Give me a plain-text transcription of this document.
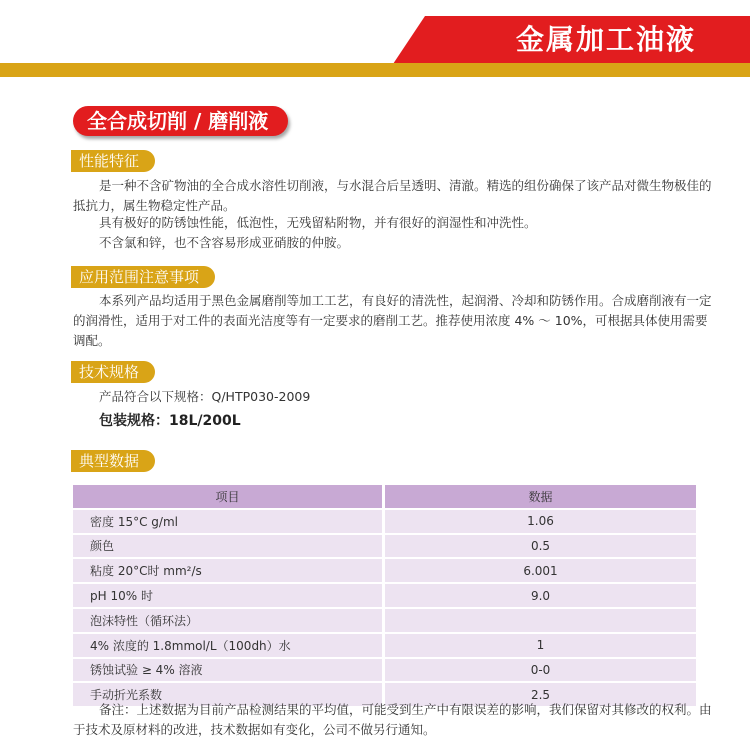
金属加工油液
全合成切削 / 磨削液
性能特征
是一种不含矿物油的全合成水溶性切削液，与水混合后呈透明、清澈。精选的组份确保了该产品对微生物极佳的抵抗力，属生物稳定性产品。
具有极好的防锈蚀性能，低泡性，无残留粘附物，并有很好的润湿性和冲洗性。
不含氯和锌，也不含容易形成亚硝胺的仲胺。
应用范围注意事项
本系列产品均适用于黑色金属磨削等加工工艺，有良好的清洗性，起润滑、冷却和防锈作用。合成磨削液有一定的润滑性，适用于对工件的表面光洁度等有一定要求的磨削工艺。推荐使用浓度 4% ～ 10%，可根据具体使用需要调配。
技术规格
产品符合以下规格：Q/HTP030-2009
包装规格：18L/200L
典型数据
项目	数据
密度 15°C g/ml	1.06
颜色	0.5
粘度 20°C时 mm²/s	6.001
pH 10% 时	9.0
泡沫特性（循环法）	
4% 浓度的 1.8mmol/L（100dh）水	1
锈蚀试验 ≥ 4% 溶液	0-0
手动折光系数	2.5
备注：上述数据为目前产品检测结果的平均值，可能受到生产中有限误差的影响，我们保留对其修改的权利。由于技术及原材料的改进，技术数据如有变化，公司不做另行通知。
